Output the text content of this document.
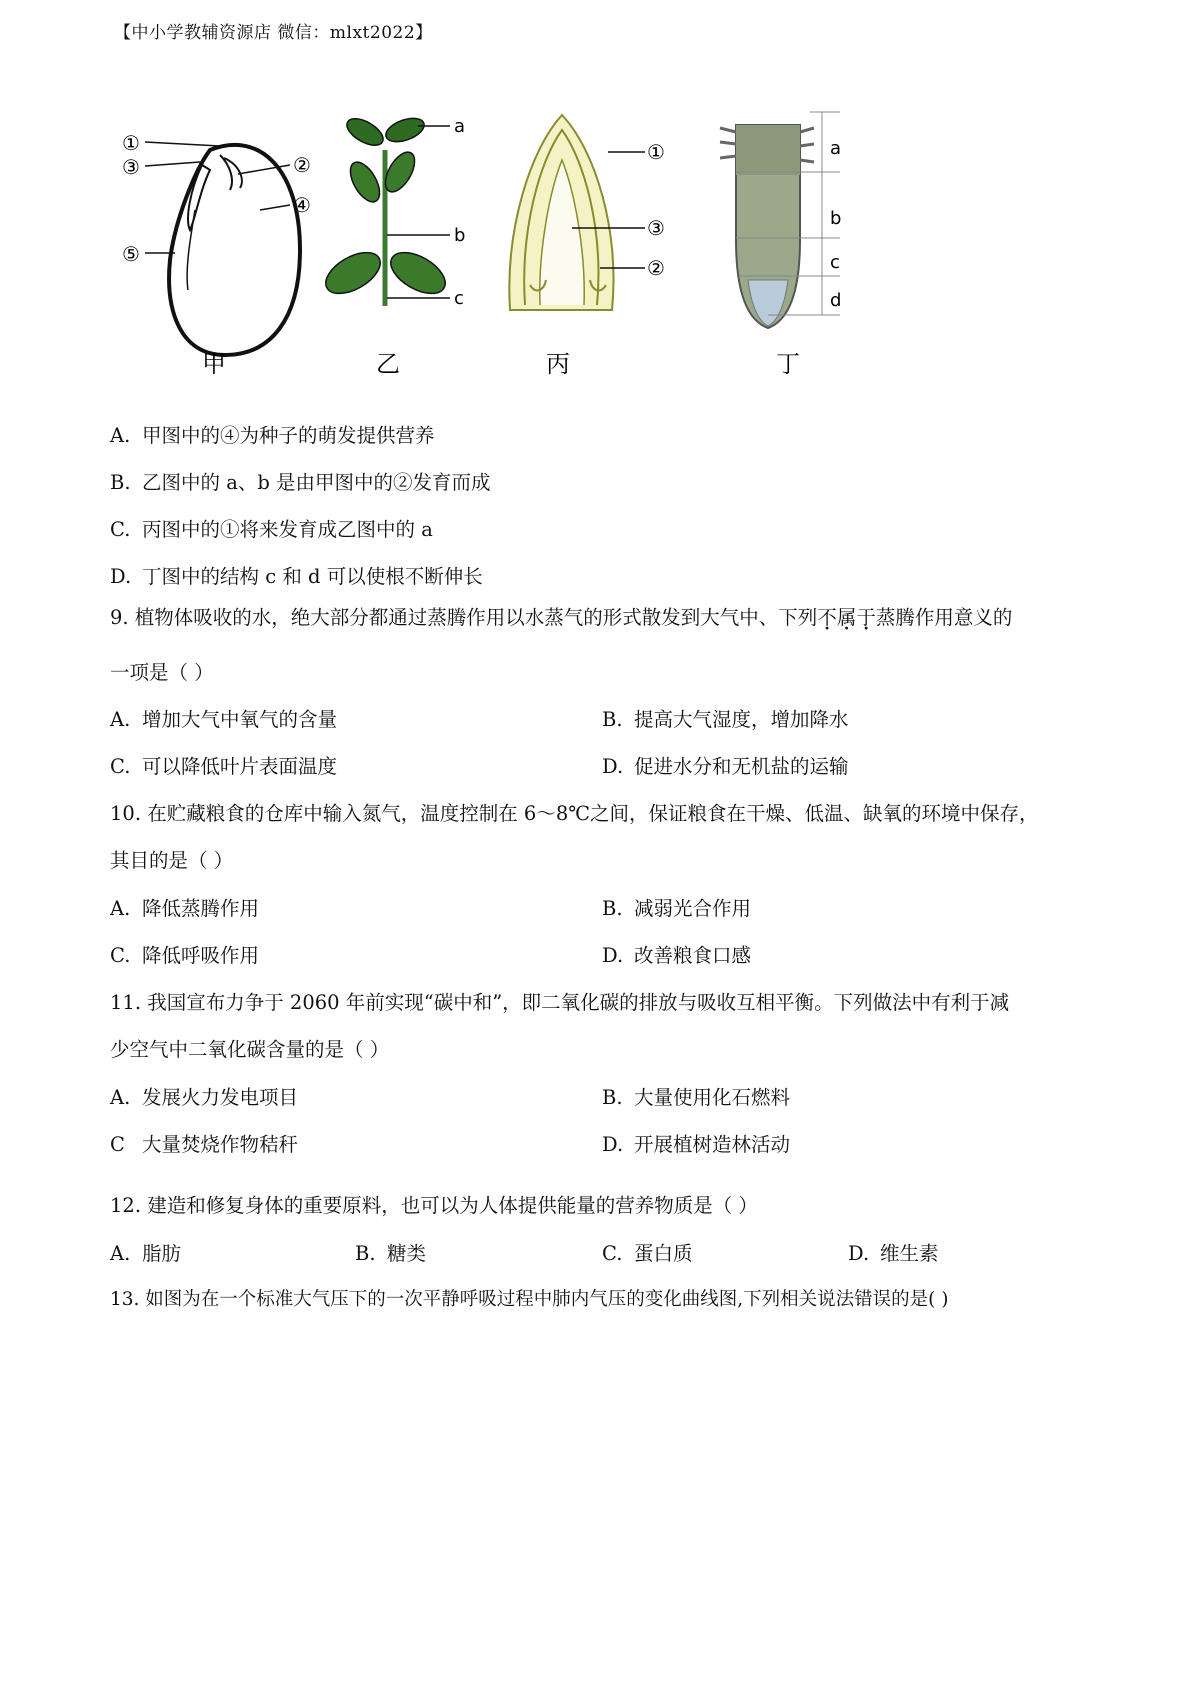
【中小学教辅资源店 微信：mlxt2022】
①
③	②
④
⑤
a
b
c
①
③
②
a
b
c
d
甲	乙	丙	丁
A. 甲图中的④为种子的萌发提供营养
B. 乙图中的 a、b 是由甲图中的②发育而成
C. 丙图中的①将来发育成乙图中的 a
D. 丁图中的结构 c 和 d 可以使根不断伸长
9. 植物体吸收的水，绝大部分都通过蒸腾作用以水蒸气的形式散发到大气中、下列不属于蒸腾作用意义的
一项是（ ）
A. 增加大气中氧气的含量	B. 提高大气湿度，增加降水
C. 可以降低叶片表面温度	D. 促进水分和无机盐的运输
10. 在贮藏粮食的仓库中输入氮气，温度控制在 6～8℃之间，保证粮食在干燥、低温、缺氧的环境中保存，
其目的是（ ）
A. 降低蒸腾作用	B. 减弱光合作用
C. 降低呼吸作用	D. 改善粮食口感
11. 我国宣布力争于 2060 年前实现“碳中和”，即二氧化碳的排放与吸收互相平衡。下列做法中有利于减
少空气中二氧化碳含量的是（ ）
A. 发展火力发电项目	B. 大量使用化石燃料
C 大量焚烧作物秸秆	D. 开展植树造林活动
12. 建造和修复身体的重要原料，也可以为人体提供能量的营养物质是（ ）
A. 脂肪	B. 糖类	C. 蛋白质	D. 维生素
13. 如图为在一个标准大气压下的一次平静呼吸过程中肺内气压的变化曲线图,下列相关说法错误的是( )
